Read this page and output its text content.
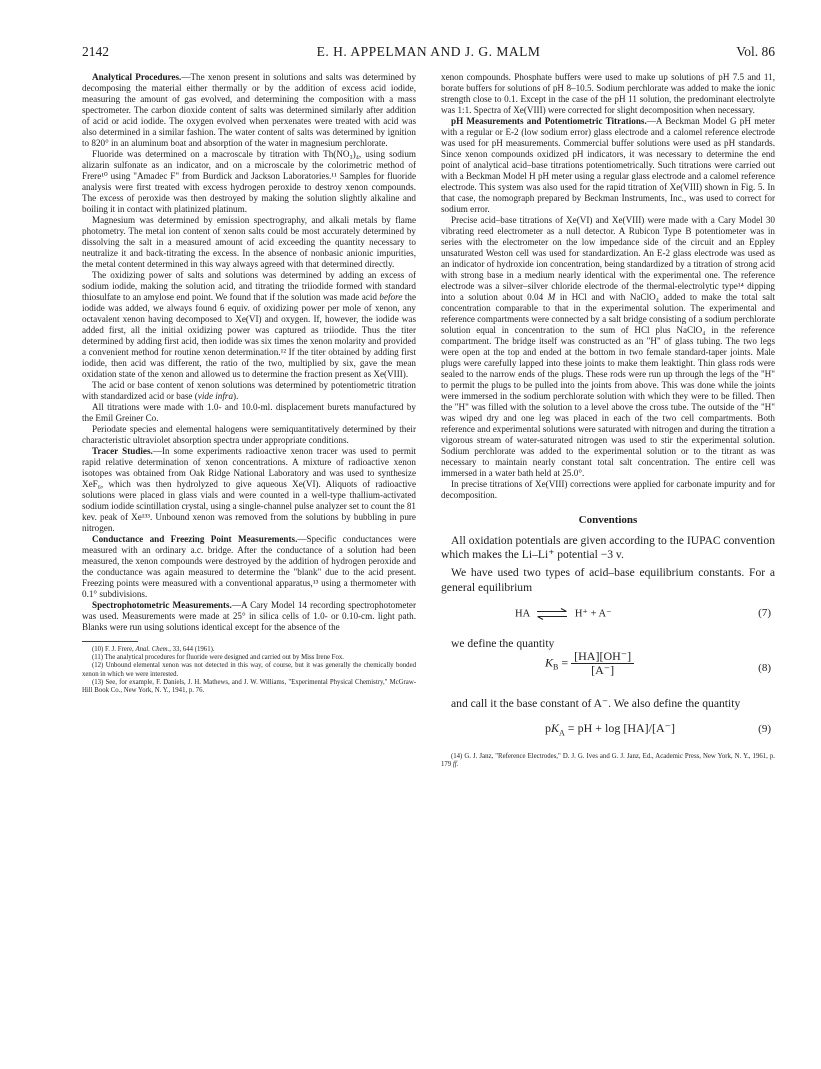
2142	E. H. APPELMAN AND J. G. MALM	Vol. 86

Analytical Procedures.—The xenon present in solutions and salts was determined by decomposing the material either thermally or by the addition of excess acid iodide, measuring the amount of gas evolved, and determining the composition with a mass spectrometer. The carbon dioxide content of salts was determined similarly after addition of acid or acid iodide. The oxygen evolved when perxenates were treated with acid was also determined in a similar fashion. The water content of salts was determined by ignition to 820° in an aluminum boat and absorption of the water in magnesium perchlorate.

Fluoride was determined on a macroscale by titration with Th(NO₃)₄, using sodium alizarin sulfonate as an indicator, and on a microscale by the colorimetric method of Frere¹⁰ using "Amadec F" from Burdick and Jackson Laboratories.¹¹ Samples for fluoride analysis were first treated with excess hydrogen peroxide to destroy xenon compounds. The excess of peroxide was then destroyed by making the solution slightly alkaline and boiling it in contact with platinized platinum.

Magnesium was determined by emission spectrography, and alkali metals by flame photometry. The metal ion content of xenon salts could be most accurately determined by dissolving the salt in a measured amount of acid exceeding the quantity necessary to neutralize it and back-titrating the excess. In the absence of nonbasic anionic impurities, the metal content determined in this way always agreed with that determined directly.

The oxidizing power of salts and solutions was determined by adding an excess of sodium iodide, making the solution acid, and titrating the triiodide formed with standard thiosulfate to an amylose end point. We found that if the solution was made acid before the iodide was added, we always found 6 equiv. of oxidizing power per mole of xenon, any octavalent xenon having decomposed to Xe(VI) and oxygen. If, however, the iodide was added first, all the initial oxidizing power was captured as triiodide. Thus the titer determined by adding first acid, then iodide was six times the xenon molarity and provided a convenient method for routine xenon determination.¹² If the titer obtained by adding first iodide, then acid was different, the ratio of the two, multiplied by six, gave the mean oxidation state of the xenon and allowed us to determine the fraction present as Xe(VIII).

The acid or base content of xenon solutions was determined by potentiometric titration with standardized acid or base (vide infra).

All titrations were made with 1.0- and 10.0-ml. displacement burets manufactured by the Emil Greiner Co.

Periodate species and elemental halogens were semiquantitatively determined by their characteristic ultraviolet absorption spectra under appropriate conditions.

Tracer Studies.—In some experiments radioactive xenon tracer was used to permit rapid relative determination of xenon concentrations. A mixture of radioactive xenon isotopes was obtained from Oak Ridge National Laboratory and was used to synthesize XeF₆, which was then hydrolyzed to give aqueous Xe(VI). Aliquots of radioactive solutions were placed in glass vials and were counted in a well-type thallium-activated sodium iodide scintillation crystal, using a single-channel pulse analyzer set to count the 81 kev. peak of Xe¹³³. Unbound xenon was removed from the solutions by bubbling in pure nitrogen.

Conductance and Freezing Point Measurements.—Specific conductances were measured with an ordinary a.c. bridge. After the conductance of a solution had been measured, the xenon compounds were destroyed by the addition of hydrogen peroxide and the conductance was again measured to determine the "blank" due to the acid present. Freezing points were measured with a conventional apparatus,¹³ using a thermometer with 0.1° subdivisions.

Spectrophotometric Measurements.—A Cary Model 14 recording spectrophotometer was used. Measurements were made at 25° in silica cells of 1.0- or 0.10-cm. light path. Blanks were run using solutions identical except for the absence of the

(10) F. J. Frere, Anal. Chem., 33, 644 (1961).

(11) The analytical procedures for fluoride were designed and carried out by Miss Irene Fox.

(12) Unbound elemental xenon was not detected in this way, of course, but it was generally the chemically bonded xenon in which we were interested.

(13) See, for example, F. Daniels, J. H. Mathews, and J. W. Williams, "Experimental Physical Chemistry," McGraw-Hill Book Co., New York, N. Y., 1941, p. 76.

xenon compounds. Phosphate buffers were used to make up solutions of pH 7.5 and 11, borate buffers for solutions of pH 8–10.5. Sodium perchlorate was added to make the ionic strength close to 0.1. Except in the case of the pH 11 solution, the predominant electrolyte was 1:1. Spectra of Xe(VIII) were corrected for slight decomposition when necessary.

pH Measurements and Potentiometric Titrations.—A Beckman Model G pH meter with a regular or E-2 (low sodium error) glass electrode and a calomel reference electrode was used for pH measurements. Commercial buffer solutions were used as pH standards. Since xenon compounds oxidized pH indicators, it was necessary to determine the end point of analytical acid–base titrations potentiometrically. Such titrations were carried out with a Beckman Model H pH meter using a regular glass electrode and a calomel reference electrode. This system was also used for the rapid titration of Xe(VIII) shown in Fig. 5. In that case, the nomograph prepared by Beckman Instruments, Inc., was used to correct for sodium error.

Precise acid–base titrations of Xe(VI) and Xe(VIII) were made with a Cary Model 30 vibrating reed electrometer as a null detector. A Rubicon Type B potentiometer was in series with the electrometer on the low impedance side of the circuit and an Eppley unsaturated Weston cell was used for standardization. An E-2 glass electrode was used as an indicator of hydroxide ion concentration, being standardized by a titration of strong acid with strong base in a medium nearly identical with the experimental one. The reference electrode was a silver–silver chloride electrode of the thermal-electrolytic type¹⁴ dipping into a solution about 0.04 M in HCl and with NaClO₄ added to make the total salt concentration comparable to that in the experimental solution. The experimental and reference compartments were connected by a salt bridge consisting of a sodium perchlorate solution equal in concentration to the sum of HCl plus NaClO₄ in the reference compartment. The bridge itself was constructed as an "H" of glass tubing. The two legs were open at the top and ended at the bottom in two female standard-taper joints. Male plugs were carefully lapped into these joints to make them leaktight. Thin glass rods were sealed to the narrow ends of the plugs. These rods were run up through the legs of the "H" to permit the plugs to be pulled into the joints from above. This was done while the joints were immersed in the sodium perchlorate solution with which they were to be filled. Then the "H" was filled with the solution to a level above the cross tube. The outside of the "H" was wiped dry and one leg was placed in each of the two cell compartments. Both reference and experimental solutions were saturated with nitrogen and during the titration a vigorous stream of water-saturated nitrogen was used to stir the experimental solution. Sodium perchlorate was added to the experimental solution or to the titrant as was necessary to maintain nearly constant total salt concentration. The entire cell was immersed in a water bath held at 25.0°.

In precise titrations of Xe(VIII) corrections were applied for carbonate impurity and for decomposition.

Conventions

All oxidation potentials are given according to the IUPAC convention which makes the Li–Li⁺ potential −3 v.

We have used two types of acid–base equilibrium constants. For a general equilibrium

HA ⇌ H⁺ + A⁻	(7)

we define the quantity

$K_B = \frac{[HA][OH^-]}{[A^-]}$	(8)

and call it the base constant of A⁻. We also define the quantity

$pK_A$ = pH + log [HA]/[A⁻]	(9)

(14) G. J. Janz, "Reference Electrodes," D. J. G. Ives and G. J. Janz, Ed., Academic Press, New York, N. Y., 1961, p. 179 ff.
